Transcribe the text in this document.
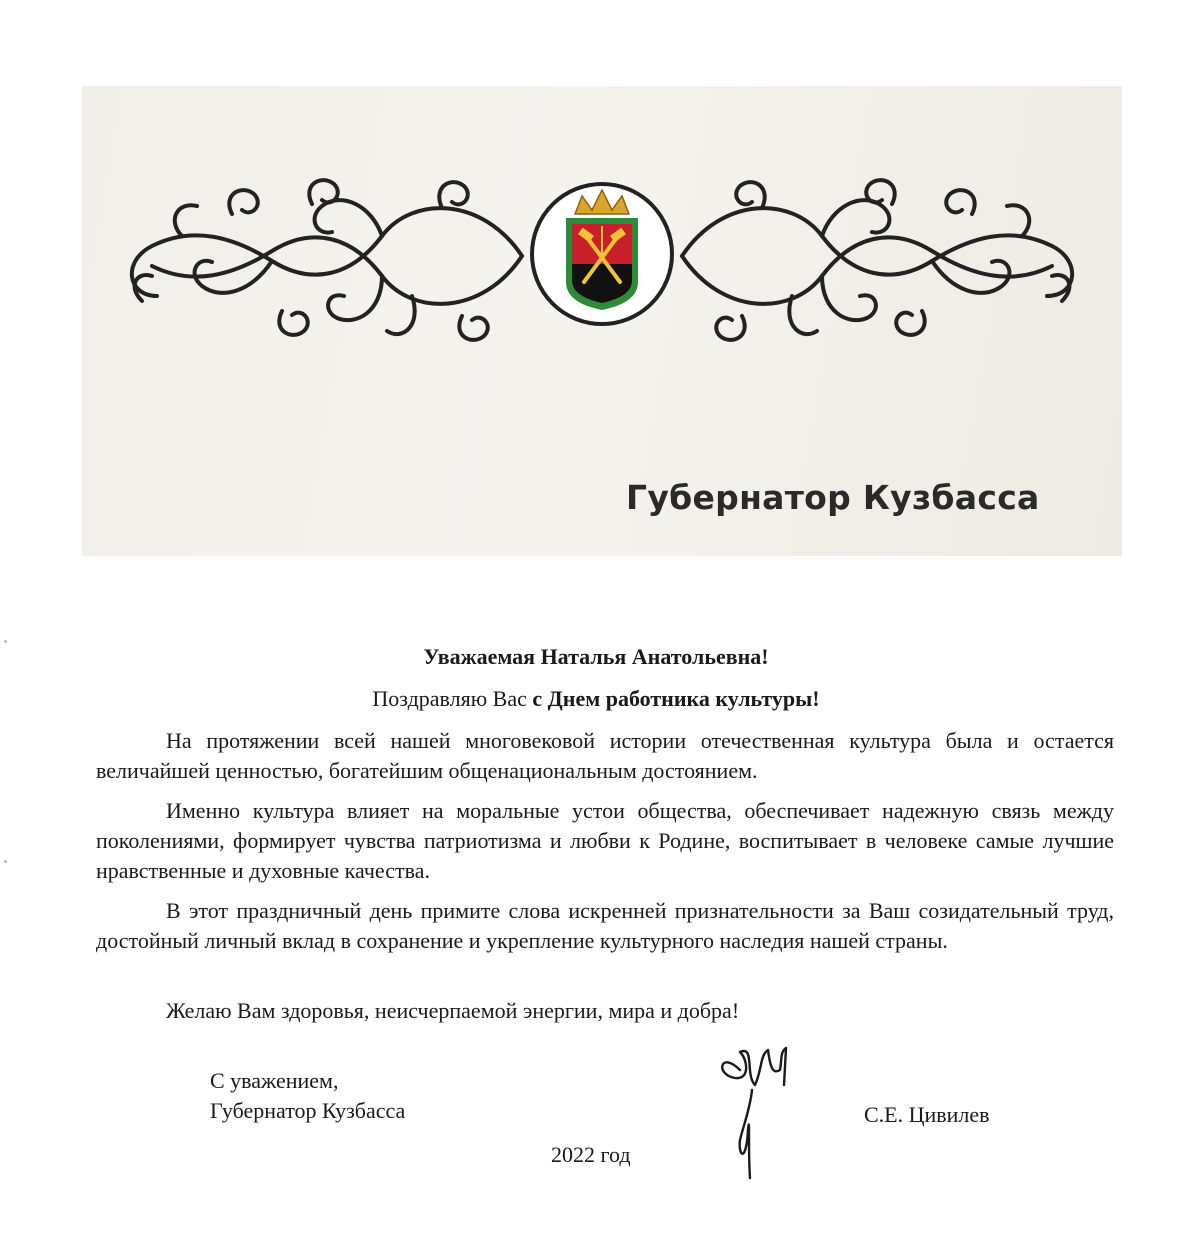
Губернатор Кузбасса
Уважаемая Наталья Анатольевна!
Поздравляю Вас с Днем работника культуры!

На протяжении всей нашей многовековой истории отечественная культура была и остается величайшей ценностью, богатейшим общенациональным достоянием.

Именно культура влияет на моральные устои общества, обеспечивает надежную связь между поколениями, формирует чувства патриотизма и любви к Родине, воспитывает в человеке самые лучшие нравственные и духовные качества.

В этот праздничный день примите слова искренней признательности за Ваш созидательный труд, достойный личный вклад в сохранение и укрепление культурного наследия нашей страны.

Желаю Вам здоровья, неисчерпаемой энергии, мира и добра!

С уважением,
Губернатор Кузбасса	С.Е. Цивилев
2022 год
